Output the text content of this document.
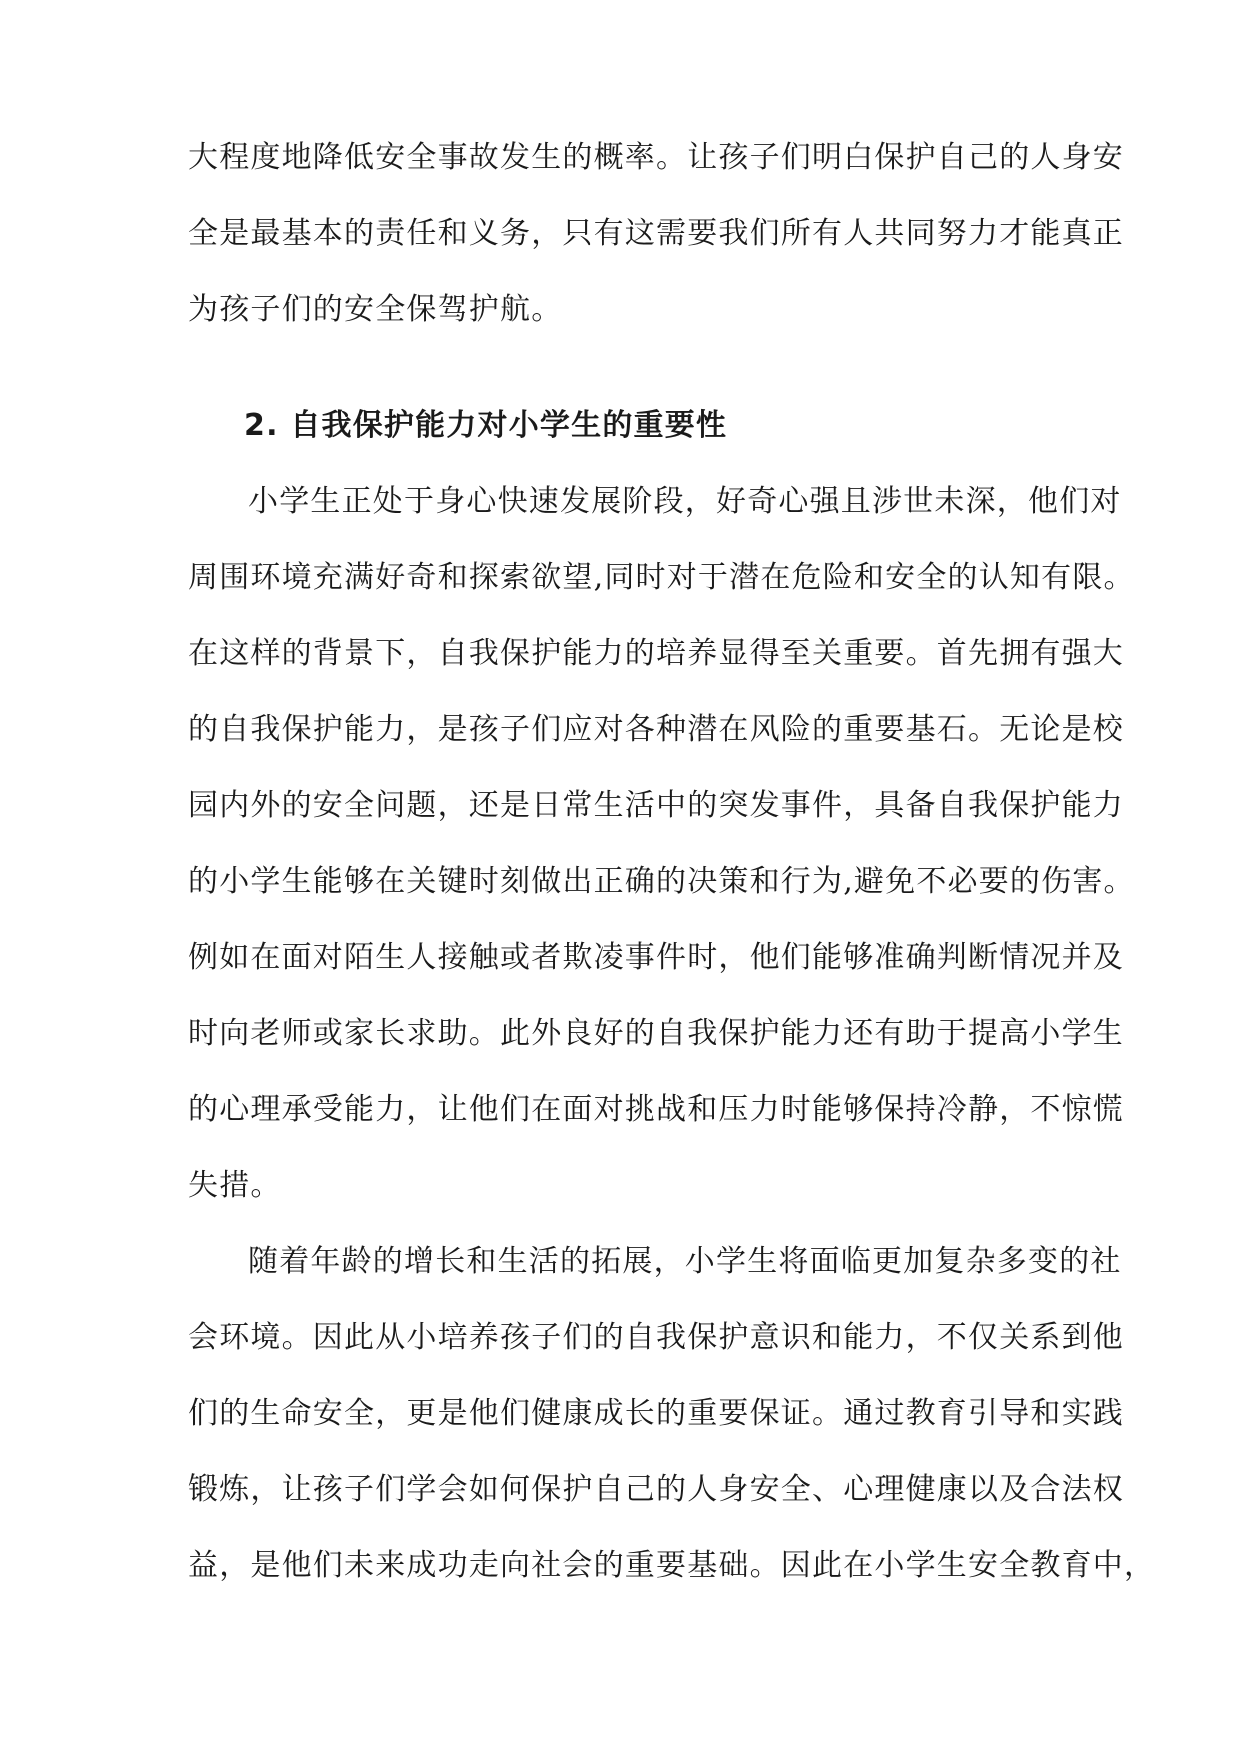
大程度地降低安全事故发生的概率。让孩子们明白保护自己的人身安
全是最基本的责任和义务，只有这需要我们所有人共同努力才能真正
为孩子们的安全保驾护航。
2. 自我保护能力对小学生的重要性
小学生正处于身心快速发展阶段，好奇心强且涉世未深，他们对
周围环境充满好奇和探索欲望,同时对于潜在危险和安全的认知有限。
在这样的背景下，自我保护能力的培养显得至关重要。首先拥有强大
的自我保护能力，是孩子们应对各种潜在风险的重要基石。无论是校
园内外的安全问题，还是日常生活中的突发事件，具备自我保护能力
的小学生能够在关键时刻做出正确的决策和行为,避免不必要的伤害。
例如在面对陌生人接触或者欺凌事件时，他们能够准确判断情况并及
时向老师或家长求助。此外良好的自我保护能力还有助于提高小学生
的心理承受能力，让他们在面对挑战和压力时能够保持冷静，不惊慌
失措。
随着年龄的增长和生活的拓展，小学生将面临更加复杂多变的社
会环境。因此从小培养孩子们的自我保护意识和能力，不仅关系到他
们的生命安全，更是他们健康成长的重要保证。通过教育引导和实践
锻炼，让孩子们学会如何保护自己的人身安全、心理健康以及合法权
益，是他们未来成功走向社会的重要基础。因此在小学生安全教育中，
